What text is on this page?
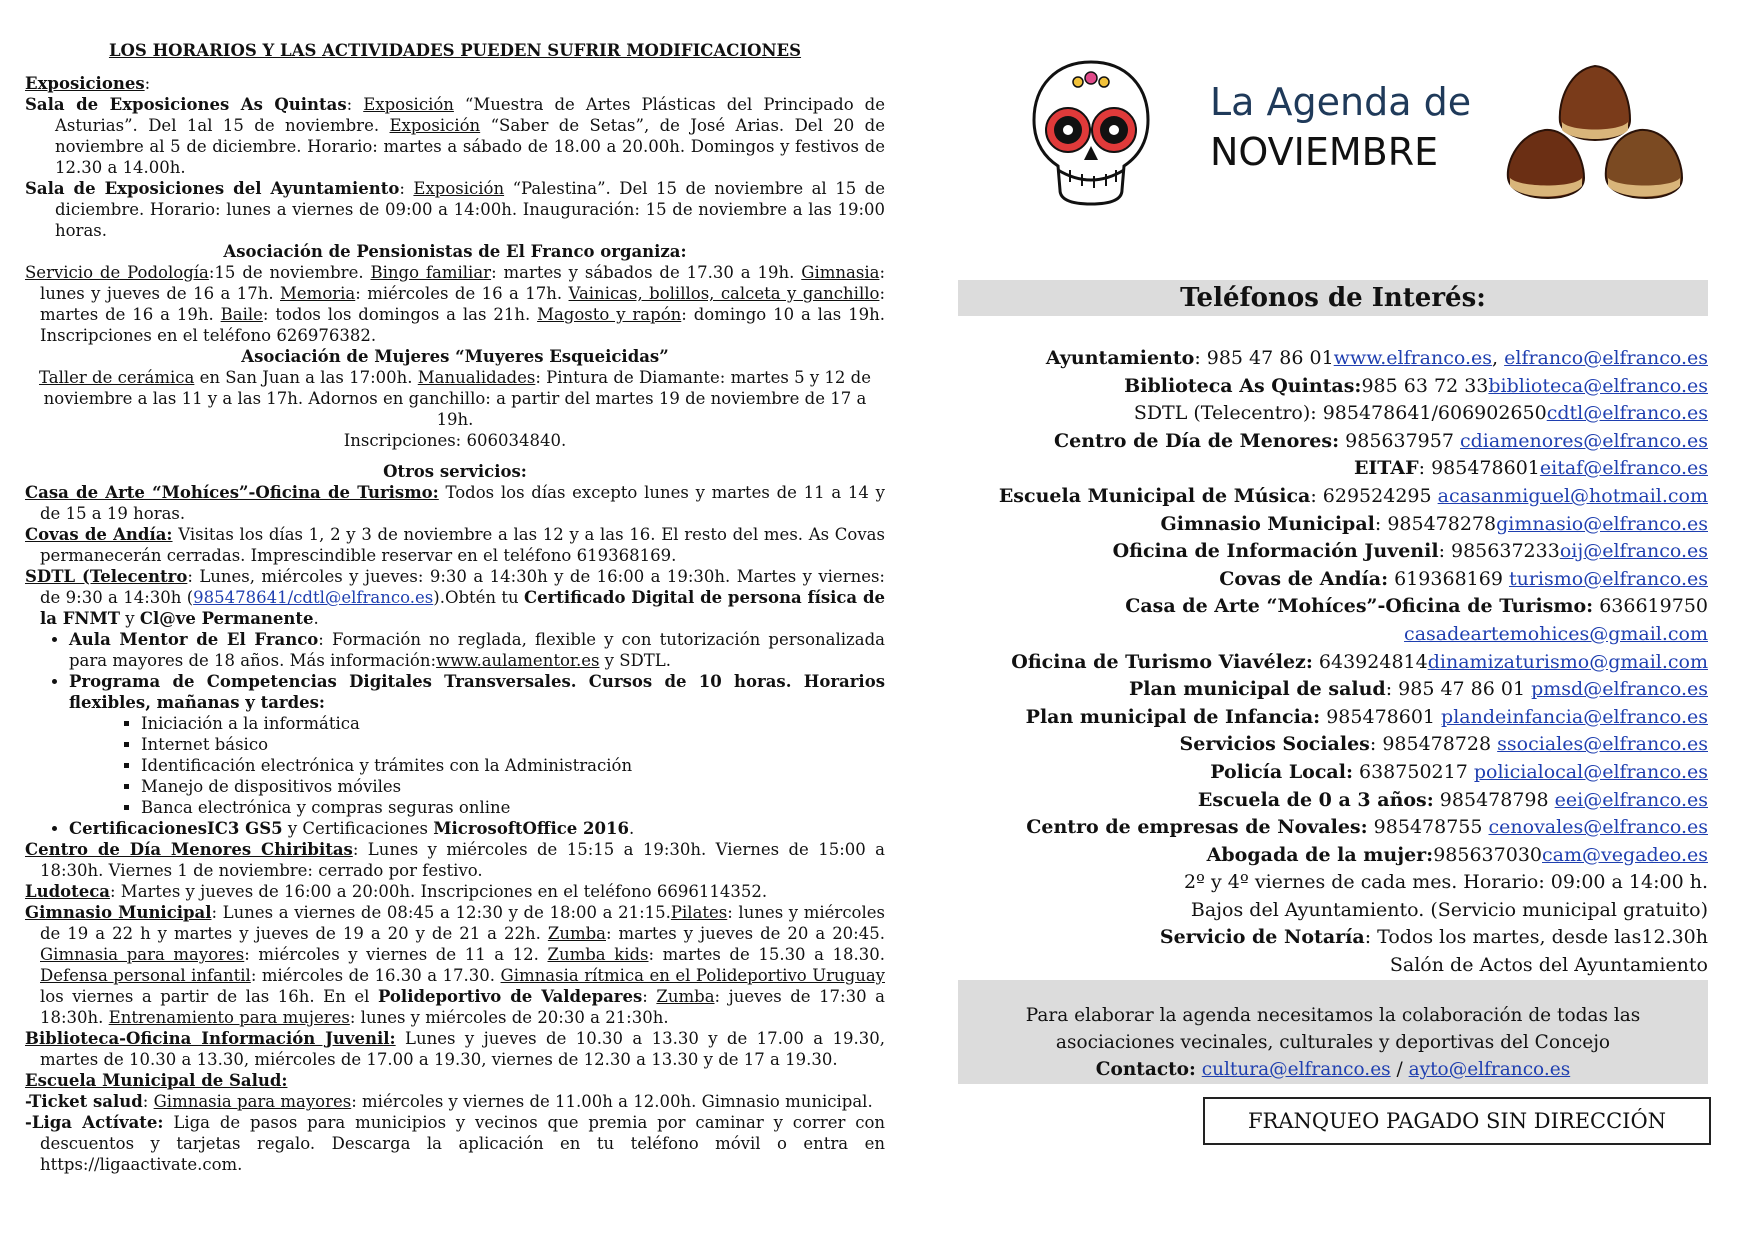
LOS HORARIOS Y LAS ACTIVIDADES PUEDEN SUFRIR MODIFICACIONES

Exposiciones:

Sala de Exposiciones As Quintas: Exposición “Muestra de Artes Plásticas del Principado de Asturias”. Del 1al 15 de noviembre. Exposición “Saber de Setas”, de José Arias. Del 20 de noviembre al 5 de diciembre. Horario: martes a sábado de 18.00 a 20.00h. Domingos y festivos de 12.30 a 14.00h.

Sala de Exposiciones del Ayuntamiento: Exposición “Palestina”. Del 15 de noviembre al 15 de diciembre. Horario: lunes a viernes de 09:00 a 14:00h. Inauguración: 15 de noviembre a las 19:00 horas.

Asociación de Pensionistas de El Franco organiza:

Servicio de Podología:15 de noviembre. Bingo familiar: martes y sábados de 17.30 a 19h. Gimnasia: lunes y jueves de 16 a 17h. Memoria: miércoles de 16 a 17h. Vainicas, bolillos, calceta y ganchillo: martes de 16 a 19h. Baile: todos los domingos a las 21h. Magosto y rapón: domingo 10 a las 19h. Inscripciones en el teléfono 626976382.

Asociación de Mujeres “Muyeres Esqueicidas”

Taller de cerámica en San Juan a las 17:00h. Manualidades: Pintura de Diamante: martes 5 y 12 de noviembre a las 11 y a las 17h. Adornos en ganchillo: a partir del martes 19 de noviembre de 17 a 19h.
Inscripciones: 606034840.

Otros servicios:

Casa de Arte “Mohíces”-Oficina de Turismo: Todos los días excepto lunes y martes de 11 a 14 y de 15 a 19 horas.

Covas de Andía: Visitas los días 1, 2 y 3 de noviembre a las 12 y a las 16. El resto del mes. As Covas permanecerán cerradas. Imprescindible reservar en el teléfono 619368169.

SDTL (Telecentro: Lunes, miércoles y jueves: 9:30 a 14:30h y de 16:00 a 19:30h. Martes y viernes: de 9:30 a 14:30h (985478641/cdtl@elfranco.es).Obtén tu Certificado Digital de persona física de la FNMT y Cl@ve Permanente.

• Aula Mentor de El Franco: Formación no reglada, flexible y con tutorización personalizada para mayores de 18 años. Más información:www.aulamentor.es y SDTL.
• Programa de Competencias Digitales Transversales. Cursos de 10 horas. Horarios flexibles, mañanas y tardes:
▪ Iniciación a la informática
▪ Internet básico
▪ Identificación electrónica y trámites con la Administración
▪ Manejo de dispositivos móviles
▪ Banca electrónica y compras seguras online
• CertificacionesIC3 GS5 y Certificaciones MicrosoftOffice 2016.

Centro de Día Menores Chiribitas: Lunes y miércoles de 15:15 a 19:30h. Viernes de 15:00 a 18:30h. Viernes 1 de noviembre: cerrado por festivo.

Ludoteca: Martes y jueves de 16:00 a 20:00h. Inscripciones en el teléfono 6696114352.

Gimnasio Municipal: Lunes a viernes de 08:45 a 12:30 y de 18:00 a 21:15.Pilates: lunes y miércoles de 19 a 22 h y martes y jueves de 19 a 20 y de 21 a 22h. Zumba: martes y jueves de 20 a 20:45. Gimnasia para mayores: miércoles y viernes de 11 a 12. Zumba kids: martes de 15.30 a 18.30. Defensa personal infantil: miércoles de 16.30 a 17.30. Gimnasia rítmica en el Polideportivo Uruguay los viernes a partir de las 16h. En el Polideportivo de Valdepares: Zumba: jueves de 17:30 a 18:30h. Entrenamiento para mujeres: lunes y miércoles de 20:30 a 21:30h.

Biblioteca-Oficina Información Juvenil: Lunes y jueves de 10.30 a 13.30 y de 17.00 a 19.30, martes de 10.30 a 13.30, miércoles de 17.00 a 19.30, viernes de 12.30 a 13.30 y de 17 a 19.30.

Escuela Municipal de Salud:

-Ticket salud: Gimnasia para mayores: miércoles y viernes de 11.00h a 12.00h. Gimnasio municipal.

-Liga Actívate: Liga de pasos para municipios y vecinos que premia por caminar y correr con descuentos y tarjetas regalo. Descarga la aplicación en tu teléfono móvil o entra en https://ligaactivate.com.

La Agenda de
NOVIEMBRE
Teléfonos de Interés:

Ayuntamiento: 985 47 86 01www.elfranco.es, elfranco@elfranco.es

Biblioteca As Quintas:985 63 72 33biblioteca@elfranco.es

SDTL (Telecentro): 985478641/606902650cdtl@elfranco.es

Centro de Día de Menores: 985637957 cdiamenores@elfranco.es

EITAF: 985478601eitaf@elfranco.es

Escuela Municipal de Música: 629524295 acasanmiguel@hotmail.com

Gimnasio Municipal: 985478278gimnasio@elfranco.es

Oficina de Información Juvenil: 985637233oij@elfranco.es

Covas de Andía: 619368169 turismo@elfranco.es

Casa de Arte “Mohíces”-Oficina de Turismo: 636619750
casadeartemohices@gmail.com

Oficina de Turismo Viavélez: 643924814dinamizaturismo@gmail.com

Plan municipal de salud: 985 47 86 01 pmsd@elfranco.es

Plan municipal de Infancia: 985478601 plandeinfancia@elfranco.es

Servicios Sociales: 985478728 ssociales@elfranco.es

Policía Local: 638750217 policialocal@elfranco.es

Escuela de 0 a 3 años: 985478798 eei@elfranco.es

Centro de empresas de Novales: 985478755 cenovales@elfranco.es

Abogada de la mujer:985637030cam@vegadeo.es

2º y 4º viernes de cada mes. Horario: 09:00 a 14:00 h.

Bajos del Ayuntamiento. (Servicio municipal gratuito)

Servicio de Notaría: Todos los martes, desde las12.30h

Salón de Actos del Ayuntamiento

Para elaborar la agenda necesitamos la colaboración de todas las asociaciones vecinales, culturales y deportivas del Concejo
Contacto: cultura@elfranco.es / ayto@elfranco.es
FRANQUEO PAGADO SIN DIRECCIÓN
